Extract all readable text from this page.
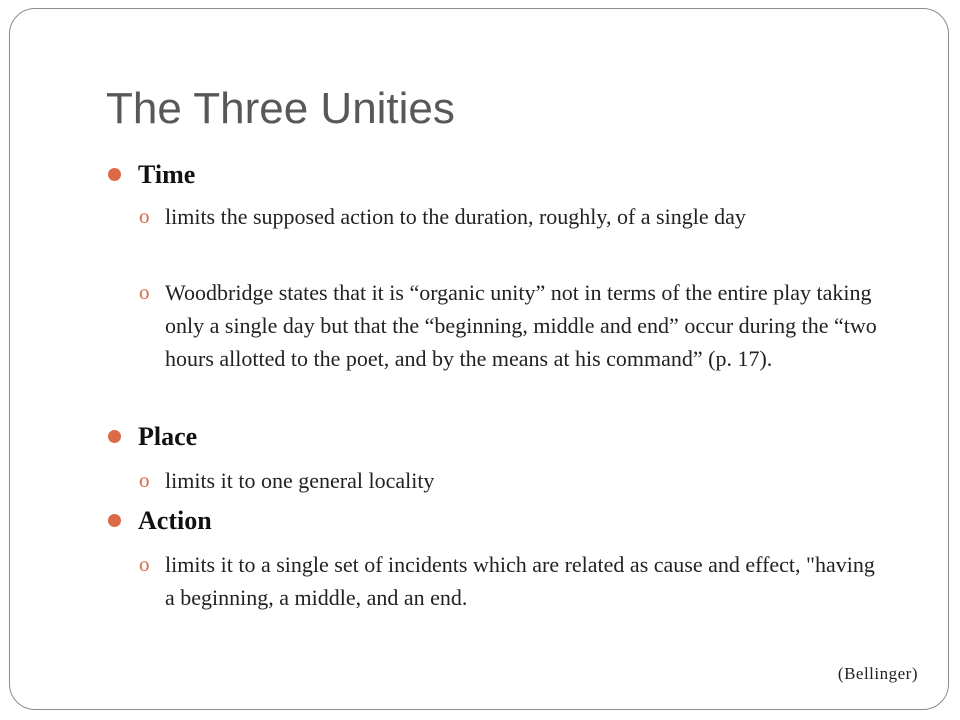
The Three Unities
Time
o limits the supposed action to the duration, roughly, of a single day
o Woodbridge states that it is “organic unity” not in terms of the entire play taking only a single day but that the “beginning, middle and end” occur during the “two hours allotted to the poet, and by the means at his command” (p. 17).
Place
o limits it to one general locality
Action
o limits it to a single set of incidents which are related as cause and effect, "having a beginning, a middle, and an end.
(Bellinger)
